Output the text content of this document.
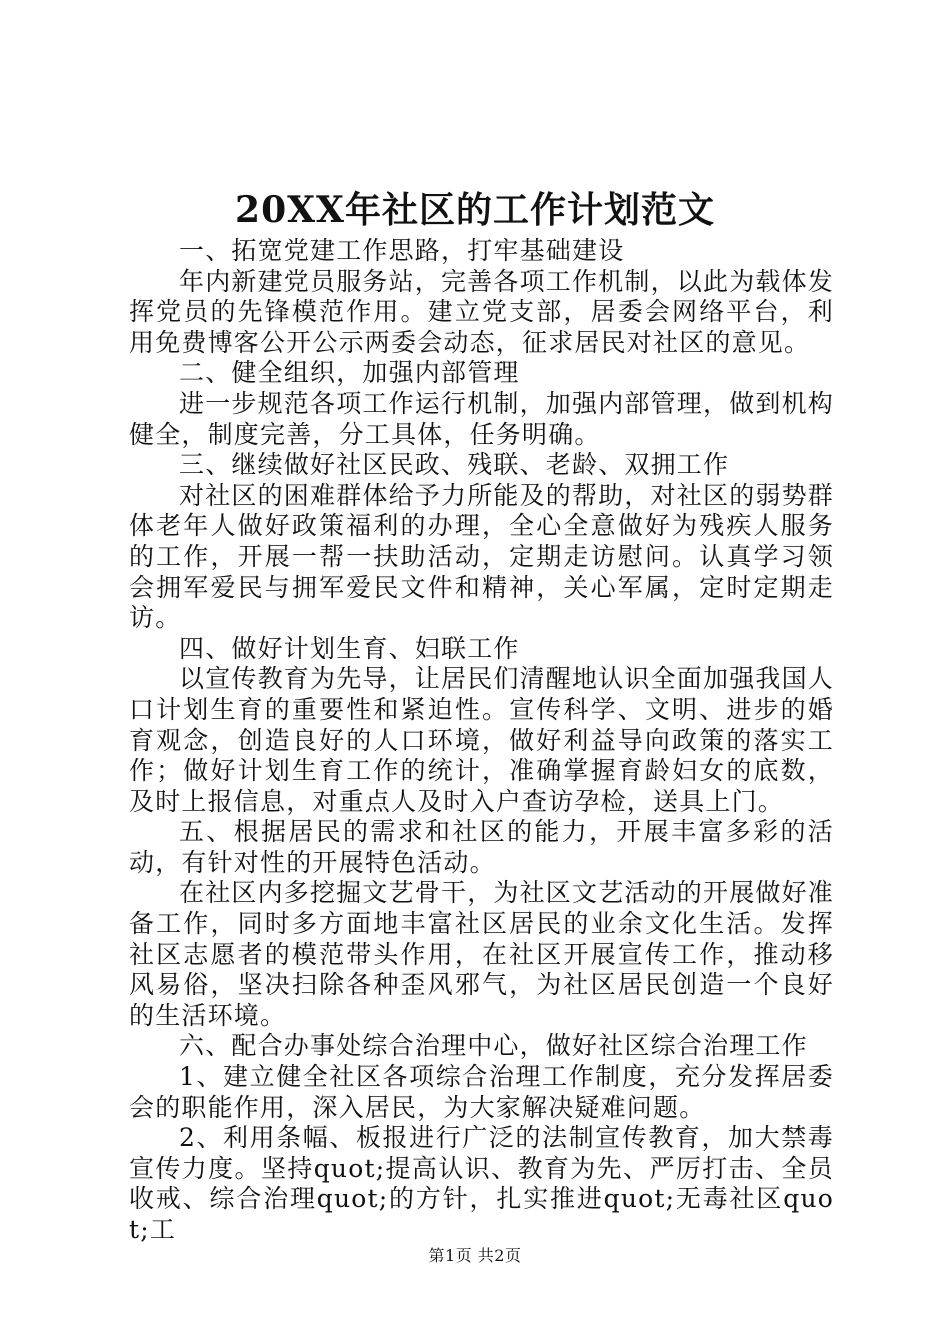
20XX年社区的工作计划范文

一、拓宽党建工作思路，打牢基础建设

年内新建党员服务站，完善各项工作机制，以此为载体发挥党员的先锋模范作用。建立党支部，居委会网络平台，利用免费博客公开公示两委会动态，征求居民对社区的意见。

二、健全组织，加强内部管理

进一步规范各项工作运行机制，加强内部管理，做到机构健全，制度完善，分工具体，任务明确。

三、继续做好社区民政、残联、老龄、双拥工作

对社区的困难群体给予力所能及的帮助，对社区的弱势群体老年人做好政策福利的办理，全心全意做好为残疾人服务的工作，开展一帮一扶助活动，定期走访慰问。认真学习领会拥军爱民与拥军爱民文件和精神，关心军属，定时定期走访。

四、做好计划生育、妇联工作

以宣传教育为先导，让居民们清醒地认识全面加强我国人口计划生育的重要性和紧迫性。宣传科学、文明、进步的婚育观念，创造良好的人口环境，做好利益导向政策的落实工作；做好计划生育工作的统计，准确掌握育龄妇女的底数，及时上报信息，对重点人及时入户查访孕检，送具上门。

五、根据居民的需求和社区的能力，开展丰富多彩的活动，有针对性的开展特色活动。

在社区内多挖掘文艺骨干，为社区文艺活动的开展做好准备工作，同时多方面地丰富社区居民的业余文化生活。发挥社区志愿者的模范带头作用，在社区开展宣传工作，推动移风易俗，坚决扫除各种歪风邪气，为社区居民创造一个良好的生活环境。

六、配合办事处综合治理中心，做好社区综合治理工作

1、建立健全社区各项综合治理工作制度，充分发挥居委会的职能作用，深入居民，为大家解决疑难问题。

2、利用条幅、板报进行广泛的法制宣传教育，加大禁毒宣传力度。坚持quot;提高认识、教育为先、严厉打击、全员收戒、综合治理quot;的方针，扎实推进quot;无毒社区quot;工

第1页 共2页
